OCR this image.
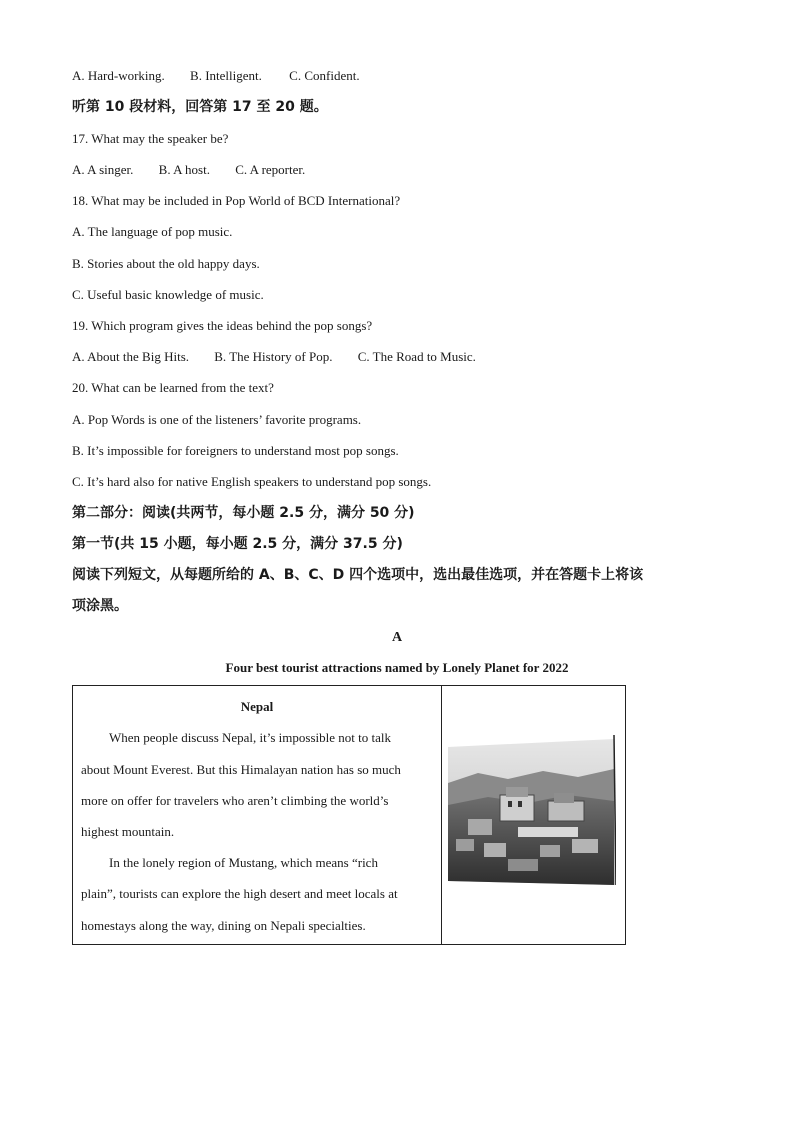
A. Hard-working. B. Intelligent. C. Confident.
听第 10 段材料，回答第 17 至 20 题。
17. What may the speaker be?
A. A singer. B. A host. C. A reporter.
18. What may be included in Pop World of BCD International?
A. The language of pop music.
B. Stories about the old happy days.
C. Useful basic knowledge of music.
19. Which program gives the ideas behind the pop songs?
A. About the Big Hits. B. The History of Pop. C. The Road to Music.
20. What can be learned from the text?
A. Pop Words is one of the listeners’ favorite programs.
B. It’s impossible for foreigners to understand most pop songs.
C. It’s hard also for native English speakers to understand pop songs.
第二部分：阅读(共两节，每小题 2.5 分，满分 50 分)
第一节(共 15 小题，每小题 2.5 分，满分 37.5 分)
阅读下列短文，从每题所给的 A、B、C、D 四个选项中，选出最佳选项，并在答题卡上将该
项涂黑。
A
Four best tourist attractions named by Lonely Planet for 2022
Nepal
When people discuss Nepal, it’s impossible not to talk
about Mount Everest. But this Himalayan nation has so much
more on offer for travelers who aren’t climbing the world’s
highest mountain.
In the lonely region of Mustang, which means “rich
plain”, tourists can explore the high desert and meet locals at
homestays along the way, dining on Nepali specialties.
